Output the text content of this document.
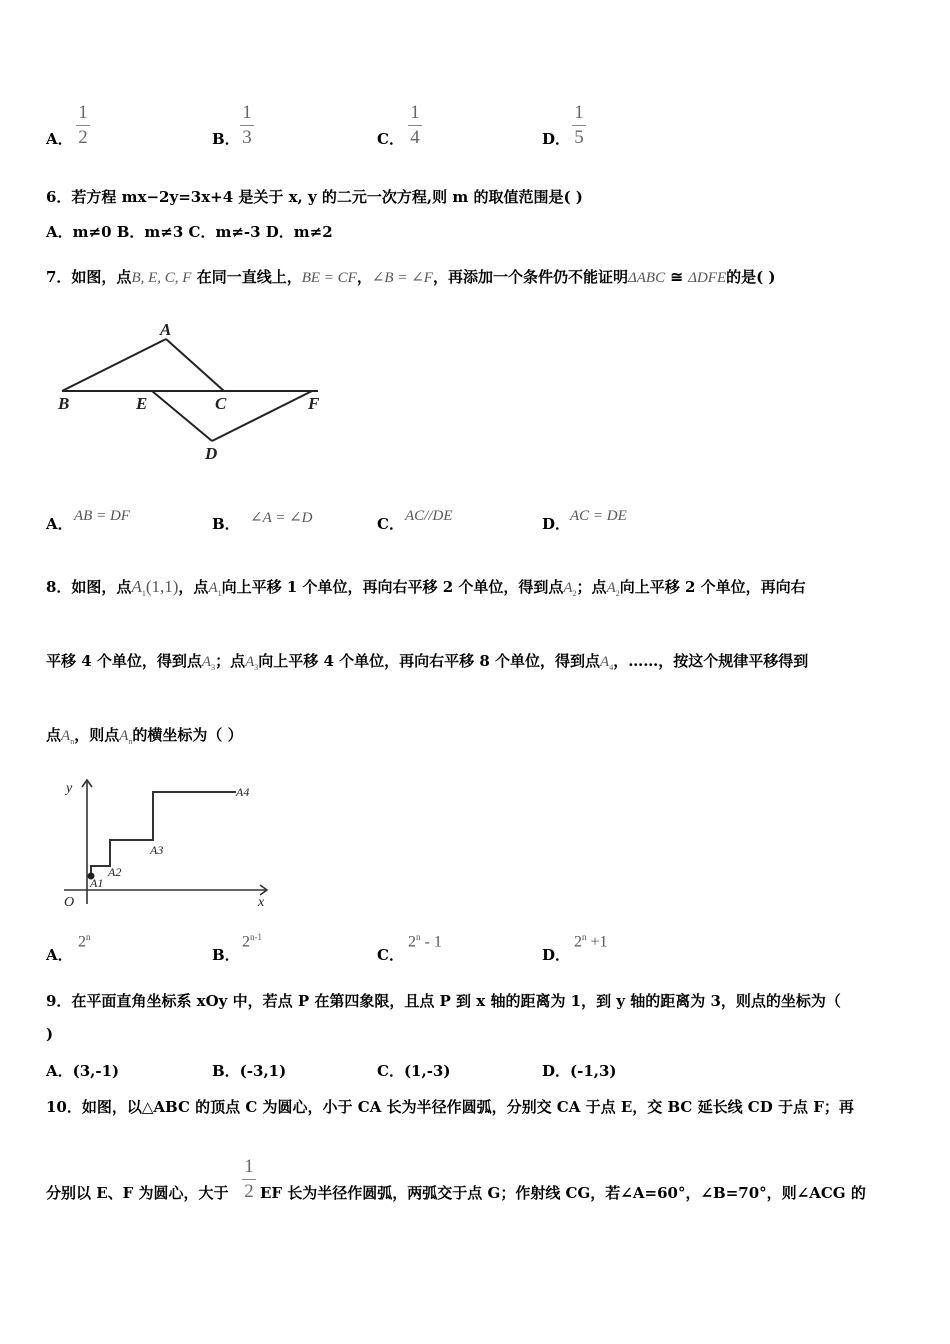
A．
1
2	B．
1
3	C．
1
4	D．
1
5
6．若方程 mx−2y=3x+4 是关于 x, y 的二元一次方程,则 m 的取值范围是( )
A．m≠0 B．m≠3 C．m≠-3 D．m≠2
7．如图，点B, E, C, F 在同一直线上，BE = CF，∠B = ∠F，再添加一个条件仍不能证明ΔABC ≅ ΔDFE的是( )
A
B	E	C	F
D
A． AB = DF	B． ∠A = ∠D	C． AC//DE	D． AC = DE
8．如图，点$A_1(1,1)$，点$A_1$向上平移 1 个单位，再向右平移 2 个单位，得到点$A_2$；点$A_2$向上平移 2 个单位，再向右
平移 4 个单位，得到点$A_3$；点$A_3$向上平移 4 个单位，再向右平移 8 个单位，得到点$A_4$，……，按这个规律平移得到
点$A_n$，则点$A_n$的横坐标为（ ）
y
x
O
A1
A2
A3
A4
A．
2$^n$
B．
2$^{n-1}$
C．
2$^n$ - 1
D．
$2^n +1$
9．在平面直角坐标系 xOy 中，若点 P 在第四象限，且点 P 到 x 轴的距离为 1，到 y 轴的距离为 3，则点的坐标为（
)
A．(3,-1)	B．(-3,1)	C．(1,-3)	D．(-1,3)
10．如图，以△ABC 的顶点 C 为圆心，小于 CA 长为半径作圆弧，分别交 CA 于点 E，交 BC 延长线 CD 于点 F；再
分别以 E、F 为圆心，大于
1
2 EF 长为半径作圆弧，两弧交于点 G；作射线 CG，若∠A=60°，∠B=70°，则∠ACG 的
